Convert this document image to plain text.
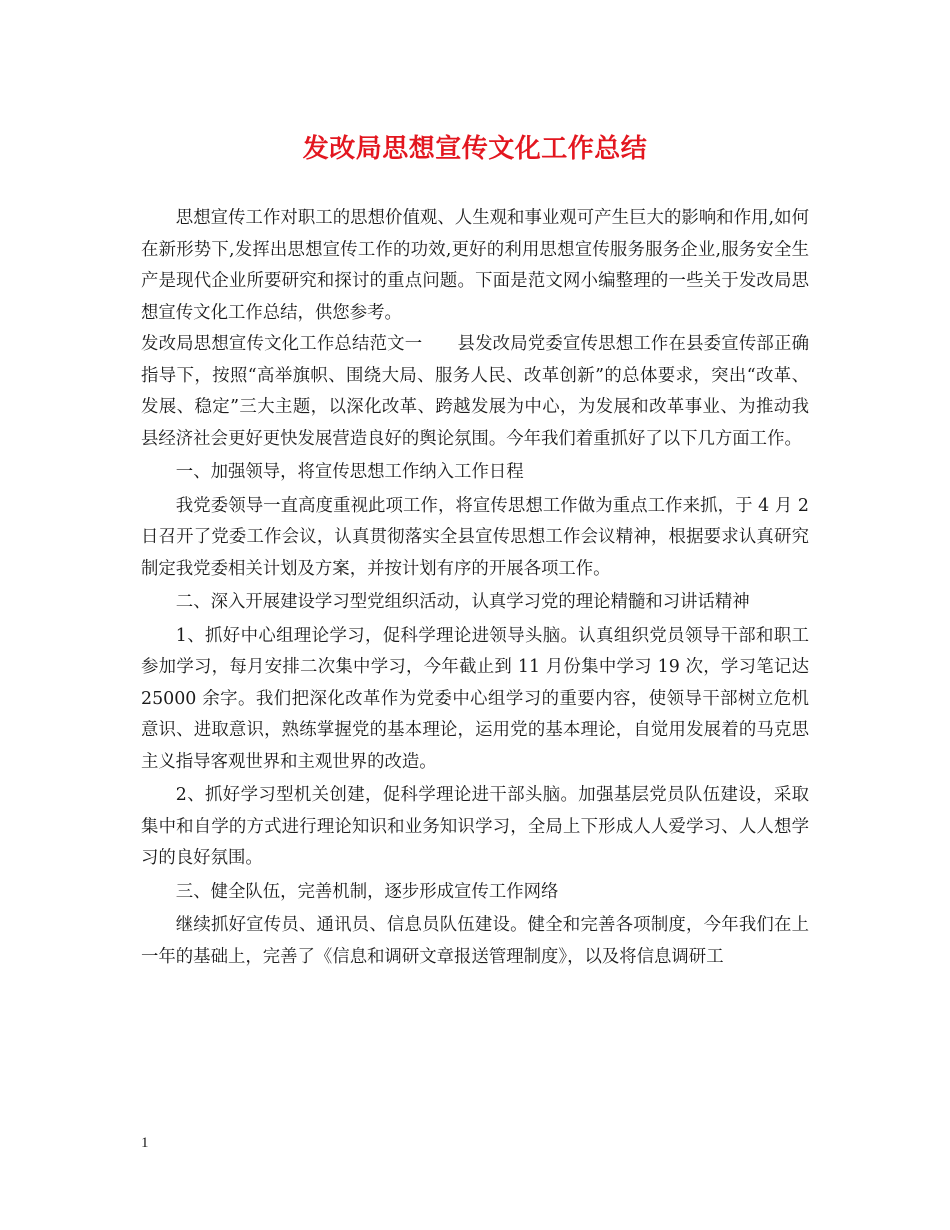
发改局思想宣传文化工作总结

思想宣传工作对职工的思想价值观、人生观和事业观可产生巨大的影响和作用,如何在新形势下,发挥出思想宣传工作的功效,更好的利用思想宣传服务服务企业,服务安全生产是现代企业所要研究和探讨的重点问题。下面是范文网小编整理的一些关于发改局思想宣传文化工作总结，供您参考。

发改局思想宣传文化工作总结范文一　　县发改局党委宣传思想工作在县委宣传部正确指导下，按照“高举旗帜、围绕大局、服务人民、改革创新”的总体要求，突出“改革、发展、稳定”三大主题，以深化改革、跨越发展为中心，为发展和改革事业、为推动我县经济社会更好更快发展营造良好的舆论氛围。今年我们着重抓好了以下几方面工作。

一、加强领导，将宣传思想工作纳入工作日程

我党委领导一直高度重视此项工作，将宣传思想工作做为重点工作来抓，于 4 月 2 日召开了党委工作会议，认真贯彻落实全县宣传思想工作会议精神，根据要求认真研究制定我党委相关计划及方案，并按计划有序的开展各项工作。

二、深入开展建设学习型党组织活动，认真学习党的理论精髓和习讲话精神

1、抓好中心组理论学习，促科学理论进领导头脑。认真组织党员领导干部和职工参加学习，每月安排二次集中学习，今年截止到 11 月份集中学习 19 次，学习笔记达 25000 余字。我们把深化改革作为党委中心组学习的重要内容，使领导干部树立危机意识、进取意识，熟练掌握党的基本理论，运用党的基本理论，自觉用发展着的马克思主义指导客观世界和主观世界的改造。

2、抓好学习型机关创建，促科学理论进干部头脑。加强基层党员队伍建设，采取集中和自学的方式进行理论知识和业务知识学习，全局上下形成人人爱学习、人人想学习的良好氛围。

三、健全队伍，完善机制，逐步形成宣传工作网络

继续抓好宣传员、通讯员、信息员队伍建设。健全和完善各项制度，今年我们在上一年的基础上，完善了《信息和调研文章报送管理制度》，以及将信息调研工

1
